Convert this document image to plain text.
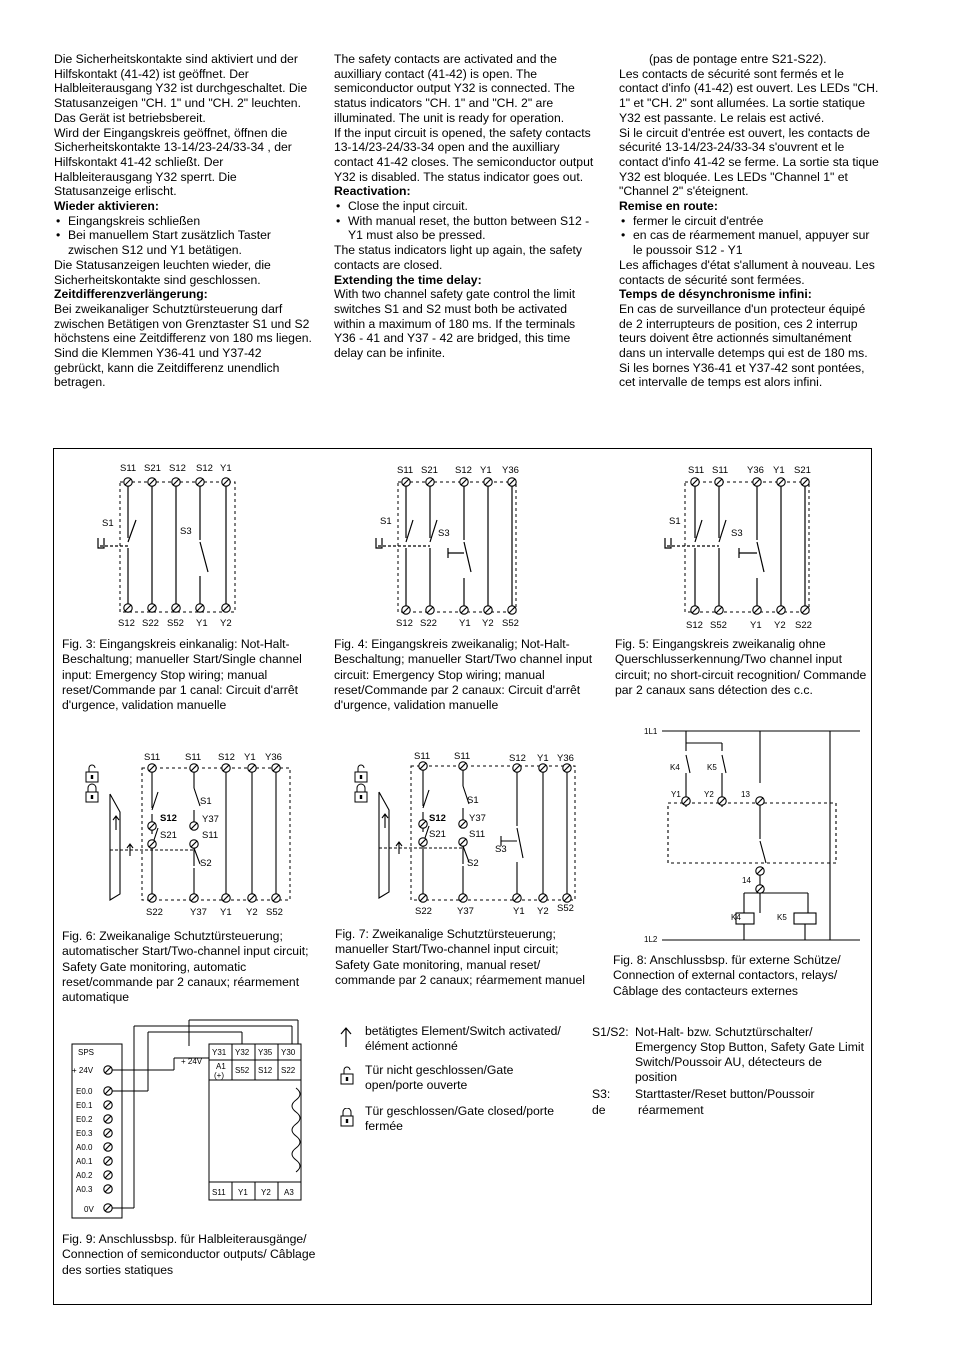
Die Sicherheitskontakte sind aktiviert und der Hilfskontakt (41-42) ist geöffnet. Der Halbleiterausgang Y32 ist durchgeschaltet. Die Statusanzeigen "CH. 1" und "CH. 2" leuchten. Das Gerät ist betriebsbereit.

Wird der Eingangskreis geöffnet, öffnen die Sicherheitskontakte 13-14/23-24/33-34 , der Hilfskontakt 41-42 schließt. Der Halbleiterausgang Y32 sperrt. Die Statusanzeige erlischt.

Wieder aktivieren:

• Eingangskreis schließen
• Bei manuellem Start zusätzlich Taster zwischen S12 und Y1 betätigen.

Die Statusanzeigen leuchten wieder, die Sicherheitskontakte sind geschlossen.

Zeitdifferenzverlängerung:

Bei zweikanaliger Schutztürsteuerung darf zwischen Betätigen von Grenztaster S1 und S2 höchstens eine Zeitdifferenz von 180 ms liegen. Sind die Klemmen Y36-41 und Y37-42 gebrückt, kann die Zeitdifferenz unendlich betragen.

The safety contacts are activated and the auxilliary contact (41-42) is open. The semiconductor output Y32 is connected. The status indicators "CH. 1" and "CH. 2" are illuminated. The unit is ready for operation.

If the input circuit is opened, the safety contacts 13-14/23-24/33-34 open and the auxilliary contact 41-42 closes. The semiconductor output Y32 is disabled. The status indicator goes out.

Reactivation:

• Close the input circuit.
• With manual reset, the button between S12 - Y1 must also be pressed.

The status indicators light up again, the safety contacts are closed.

Extending the time delay:

With two channel safety gate control the limit switches S1 and S2 must both be activated within a maximum of 180 ms. If the terminals Y36 - 41 and Y37 - 42 are bridged, this time delay can be infinite.

(pas de pontage entre S21-S22).

Les contacts de sécurité sont fermés et le contact d'info (41-42) est ouvert. Les LEDs "CH. 1" et "CH. 2" sont allumées. La sortie statique Y32 est passante. Le relais est activé.

Si le circuit d'entrée est ouvert, les contacts de sécurité 13-14/23-24/33-34 s'ouvrent et le contact d'info 41-42 se ferme. La sortie sta tique Y32 est bloquée. Les LEDs "Channel 1" et "Channel 2" s'éteignent.

Remise en route:

• fermer le circuit d'entrée
• en cas de réarmement manuel, appuyer sur le poussoir S12 - Y1

Les affichages d'état s'allument à nouveau. Les contacts de sécurité sont fermées.

Temps de désynchronisme infini:

En cas de surveillance d'un protecteur équipé de 2 interrupteurs de position, ces 2 interrup teurs doivent être actionnés simultanément dans un intervalle detemps qui est de 180 ms. Si les bornes Y36-41 et Y37-42 sont pontées, cet intervalle de temps est alors infini.

S11 S21 S12 S12 Y1
S12 S22 S52 Y1 Y2
S1
S3
Fig. 3: Eingangskreis einkanalig: Not-Halt-Beschaltung; manueller Start/Single channel input: Emergency Stop wiring; manual reset/Commande par 1 canal: Circuit d'arrêt d'urgence, validation manuelle
S11 S21 S12 Y1 Y36
S12 S22 Y1 Y2 S52
S1
S3
Fig. 4: Eingangskreis zweikanalig; Not-Halt-Beschaltung; manueller Start/Two channel input circuit: Emergency Stop wiring; manual reset/Commande par 2 canaux: Circuit d'arrêt d'urgence, validation manuelle
S11 S11 Y36 Y1 S21
S12 S52 Y1 Y2 S22
S1
S3
Fig. 5: Eingangskreis zweikanalig ohne Querschlusserkennung/Two channel input circuit; no short-circuit recognition/ Commande par 2 canaux sans détection des c.c.
S11	S11 S12 Y1 Y36
S22	Y37 Y1 Y2 S52
S1
S12	Y37
S21	S11
S2
Fig. 6: Zweikanalige Schutztürsteuerung; automatischer Start/Two-channel input circuit; Safety Gate monitoring, automatic reset/commande par 2 canaux; réarmement automatique
S11	S11	S12 Y1 Y36
S22	Y37	Y1 Y2 S52
S1
S12 Y37
S21 S11
S2
S3
Fig. 7: Zweikanalige Schutztürsteuerung; manueller Start/Two-channel input circuit; Safety Gate monitoring, manual reset/ commande par 2 canaux; réarmement manuel
1L1
K4	K5
Y1	Y2	13
14
K4	K5
1L2
Fig. 8: Anschlussbsp. für externe Schütze/ Connection of external contactors, relays/ Câblage des contacteurs externes
SPS
+ 24V
E0.0
E0.1
E0.2
E0.3
A0.0
A0.1
A0.2
A0.3
0V
+ 24V
Y31 Y32 Y35 Y30
A1
(+)
S52 S12 S22
S11 Y1 Y2 A3
Fig. 9: Anschlussbsp. für Halbleiterausgänge/ Connection of semiconductor outputs/ Câblage des sorties statiques
betätigtes Element/Switch activated/élément actionné
Tür nicht geschlossen/Gate open/porte ouverte
Tür geschlossen/Gate closed/porte fermée
S1/S2: Not-Halt- bzw. Schutztürschalter/ Emergency Stop Button, Safety Gate Limit Switch/Poussoir AU, détecteurs de position
S3:	Starttaster/Reset button/Poussoir
de	réarmement
